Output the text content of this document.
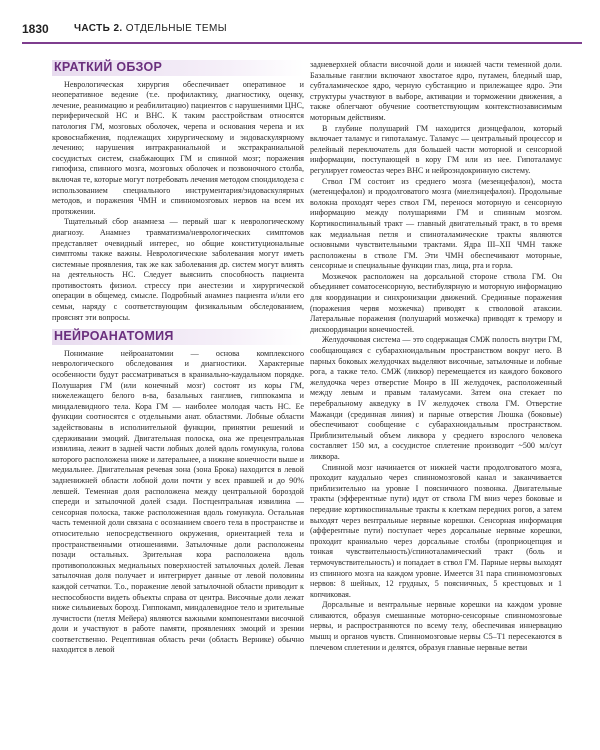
1830	ЧАСТЬ 2. ОТДЕЛЬНЫЕ ТЕМЫ
КРАТКИЙ ОБЗОР

Неврологическая хирургия обеспечивает оперативное и неоперативное ведение (т.е. профилактику, диагностику, оценку, лечение, реанимацию и реабилитацию) пациентов с нарушениями ЦНС, периферической НС и ВНС. К таким расстройствам относятся патология ГМ, мозговых оболочек, черепа и основания черепа и их кровоснабжения, подлежащих хирургическому и эндоваскулярному лечению; нарушения интракраниальной и экстракраниальной сосудистых систем, снабжающих ГМ и спинной мозг; поражения гипофиза, спинного мозга, мозговых оболочек и позвоночного столба, включая те, которые могут потребовать лечения методом спондилодеза с использованием специального инструментария/эндоваскулярных методов, и поражения ЧМН и спинномозговых нервов на всем их протяжении.

Тщательный сбор анамнеза — первый шаг к неврологическому диагнозу. Анамнез травматизма/неврологических симптомов представляет очевидный интерес, но общие конституциональные симптомы также важны. Неврологические заболевания могут иметь системные проявления, так же как заболевания др. систем могут влиять на деятельность НС. Следует выяснить способность пациента противостоять физиол. стрессу при анестезии и хирургической операции в общемед. смысле. Подробный анамнез пациента и/или его семьи, наряду с соответствующим физикальным обследованием, прояснят эти вопросы.

НЕЙРОАНАТОМИЯ

Понимание нейроанатомии — основа комплексного неврологического обследования и диагностики. Характерные особенности будут рассматриваться в краниально-каудальном порядке. Полушария ГМ (или конечный мозг) состоят из коры ГМ, нижележащего белого в-ва, базальных ганглиев, гиппокампа и миндалевидного тела. Кора ГМ — наиболее молодая часть НС. Ее функции соотносятся с отдельными анат. областями. Лобные области задействованы в исполнительной функции, принятии решений и сдерживании эмоций. Двигательная полоска, она же прецентральная извилина, лежит в задней части лобных долей вдоль гомункула, голова которого расположена ниже и латеральнее, а нижние конечности выше и медиальнее. Двигательная речевая зона (зона Брока) находится в левой задненижней области лобной доли почти у всех правшей и до 90% левшей. Теменная доля расположена между центральной бороздой спереди и затылочной долей сзади. Постцентральная извилина — сенсорная полоска, также расположенная вдоль гомункула. Остальная часть теменной доли связана с осознанием своего тела в пространстве и относительно непосредственного окружения, ориентацией тела и пространственными отношениями. Затылочные доли расположены позади остальных. Зрительная кора расположена вдоль противоположных медиальных поверхностей затылочных долей. Левая затылочная доля получает и интегрирует данные от левой половины каждой сетчатки. Т.о., поражение левой затылочной области приводит к неспособности видеть объекты справа от центра. Височные доли лежат ниже сильвиевых борозд. Гиппокамп, миндалевидное тело и зрительные лучистости (петля Мейера) являются важными компонентами височной доли и участвуют в работе памяти, проявлениях эмоций и зрении соответственно. Рецептивная область речи (область Вернике) обычно находится в левой

задневерхней области височной доли и нижней части теменной доли. Базальные ганглии включают хвостатое ядро, путамен, бледный шар, субталамическое ядро, черную субстанцию и прилежащее ядро. Эти структуры участвуют в выборе, активации и торможении движения, а также облегчают обучение соответствующим контекстнозависимым моторным действиям.

В глубине полушарий ГМ находится диэнцефалон, который включает таламус и гипоталамус. Таламус — центральный процессор и релейный переключатель для большей части моторной и сенсорной информации, поступающей в кору ГМ или из нее. Гипоталамус регулирует гомеостаз через ВНС и нейроэндокринную систему.

Ствол ГМ состоит из среднего мозга (мезенцефалон), моста (метенцефалон) и продолговатого мозга (миелэнцефалон). Продольные волокна проходят через ствол ГМ, перенося моторную и сенсорную информацию между полушариями ГМ и спинным мозгом. Кортикоспинальный тракт — главный двигательный тракт, в то время как медиальная петля и спиноталамические тракты являются основными чувствительными трактами. Ядра III–XII ЧМН также расположены в стволе ГМ. Эти ЧМН обеспечивают моторные, сенсорные и специальные функции глаз, лица, рта и горла.

Мозжечок расположен на дорсальной стороне ствола ГМ. Он объединяет соматосенсорную, вестибулярную и моторную информацию для координации и синхронизации движений. Срединные поражения (поражения червя мозжечка) приводят к стволовой атаксии. Латеральные поражения (полушарий мозжечка) приводят к тремору и дискоординации конечностей.

Желудочковая система — это содержащая СМЖ полость внутри ГМ, сообщающаяся с субарахноидальным пространством вокруг него. В парных боковых желудочках выделяют височные, затылочные и лобные рога, а также тело. СМЖ (ликвор) перемещается из каждого бокового желудочка через отверстие Монро в III желудочек, расположенный между левым и правым таламусами. Затем она стекает по перебральному акведуку в IV желудочек ствола ГМ. Отверстие Мажанди (срединная линия) и парные отверстия Люшка (боковые) обеспечивают сообщение с субарахноидальным пространством. Приблизительный объем ликвора у среднего взрослого человека составляет 150 мл, а сосудистое сплетение производит ~500 мл/сут ликвора.

Спинной мозг начинается от нижней части продолговатого мозга, проходит каудально через спинномозговой канал и заканчивается приблизительно на уровне I поясничного позвонка. Двигательные тракты (эфферентные пути) идут от ствола ГМ вниз через боковые и передние кортикоспинальные тракты к клеткам передних рогов, а затем выходят через вентральные нервные корешки. Сенсорная информация (афферентные пути) поступает через дорсальные нервные корешки, проходит краниально через дорсальные столбы (проприоцепция и тонкая чувствительность)/спиноталамический тракт (боль и термочувствительность) и попадает в ствол ГМ. Парные нервы выходят из спинного мозга на каждом уровне. Имеется 31 пара спинномозговых нервов: 8 шейных, 12 грудных, 5 поясничных, 5 крестцовых и 1 копчиковая.

Дорсальные и вентральные нервные корешки на каждом уровне сливаются, образуя смешанные моторно-сенсорные спинномозговые нервы, и распространяются по всему телу, обеспечивая иннервацию мышц и органов чувств. Спинномозговые нервы C5–T1 пересекаются в плечевом сплетении и делятся, образуя главные нервные ветви
